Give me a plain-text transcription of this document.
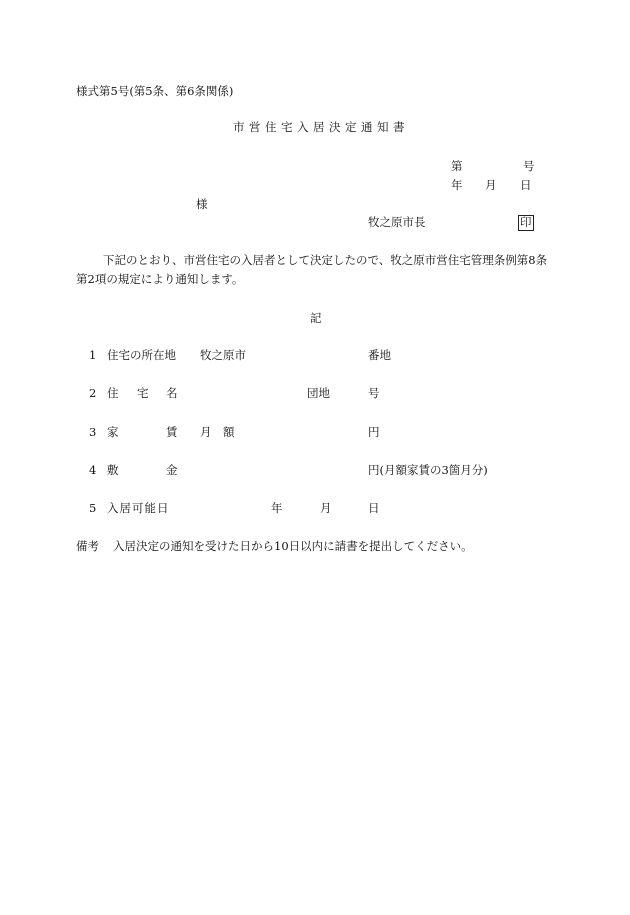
様式第5号(第5条、第6条関係)
市営住宅入居決定通知書
第	号
年 月 日
様
牧之原市長	印
下記のとおり、市営住宅の入居者として決定したので、牧之原市営住宅管理条例第8条
第2項の規定により通知します。
記
1 住宅の所在地 牧之原市	番地
2 住 宅 名	団地	号
3 家	賃 月　額	円
4 敷	金	円(月額家賃の3箇月分)
5 入居可能日	年	月	日
備考 入居決定の通知を受けた日から10日以内に請書を提出してください。
